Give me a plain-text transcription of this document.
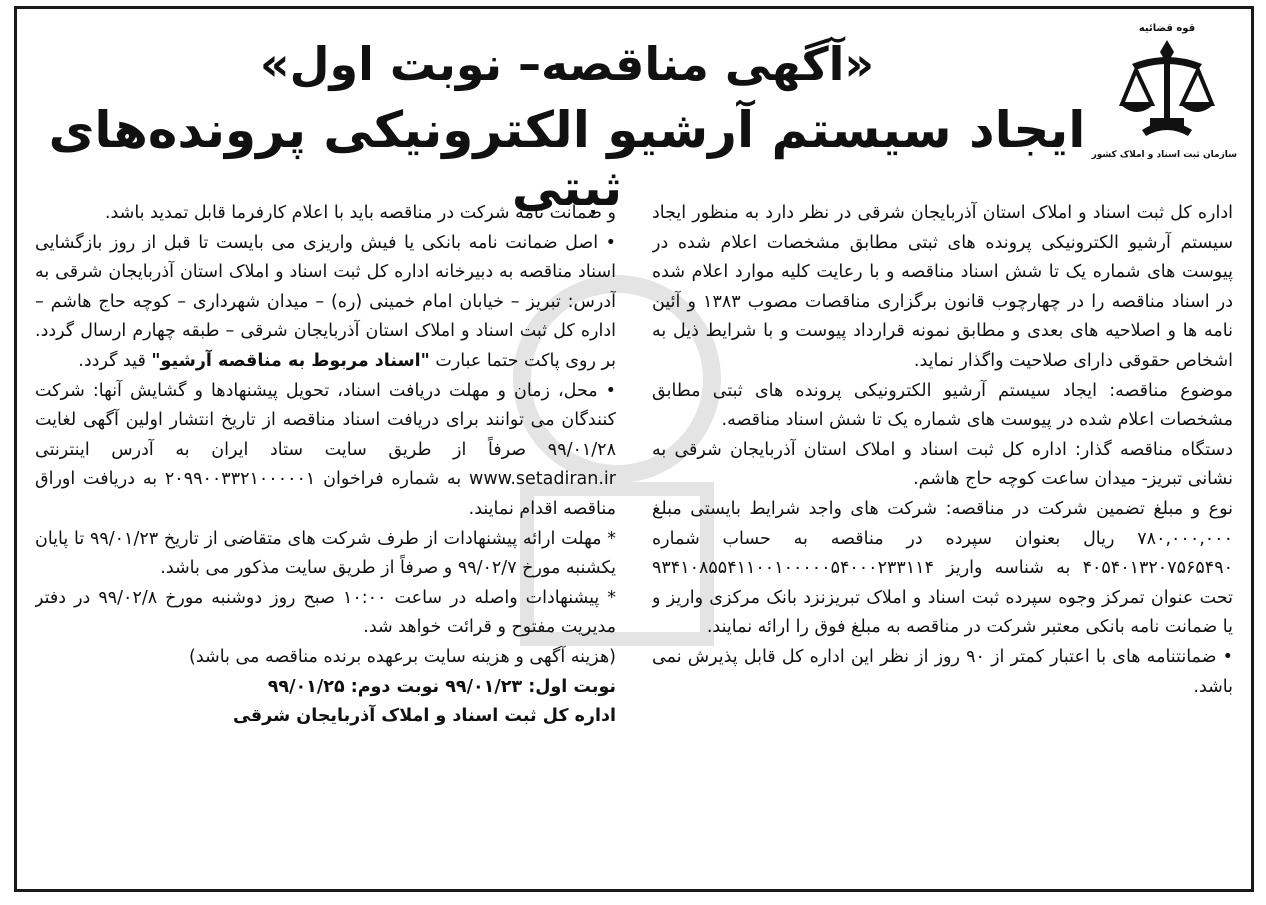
«آگهی مناقصه– نوبت اول»
ایجاد سیستم آرشیو الکترونیکی پرونده‌های ثبتی
قوه قضائیه
سازمان ثبت اسناد و املاک کشور

اداره کل ثبت اسناد و املاک استان آذربایجان شرقی در نظر دارد به منظور ایجاد سیستم آرشیو الکترونیکی پرونده های ثبتی مطابق مشخصات اعلام شده در پیوست های شماره یک تا شش اسناد مناقصه و با رعایت کلیه موارد اعلام شده در اسناد مناقصه را در چهارچوب قانون برگزاری مناقصات مصوب ۱۳۸۳ و آئین نامه ها و اصلاحیه های بعدی و مطابق نمونه قرارداد پیوست و با شرایط ذیل به اشخاص حقوقی دارای صلاحیت واگذار نماید.

موضوع مناقصه: ایجاد سیستم آرشیو الکترونیکی پرونده های ثبتی مطابق مشخصات اعلام شده در پیوست های شماره یک تا شش اسناد مناقصه.

دستگاه مناقصه گذار: اداره کل ثبت اسناد و املاک استان آذربایجان شرقی به نشانی تبریز- میدان ساعت کوچه حاج هاشم.

نوع و مبلغ تضمین شرکت در مناقصه: شرکت های واجد شرایط بایستی مبلغ ۷۸۰,۰۰۰,۰۰۰ ریال بعنوان سپرده در مناقصه به حساب شماره ۴۰۵۴۰۱۳۲۰۷۵۶۵۴۹۰ به شناسه واریز ۹۳۴۱۰۸۵۵۴۱۱۰۰۱۰۰۰۰۰۵۴۰۰۰۲۳۳۱۱۴ تحت عنوان تمرکز وجوه سپرده ثبت اسناد و املاک تبریزنزد بانک مرکزی واریز و یا ضمانت نامه بانکی معتبر شرکت در مناقصه به مبلغ فوق را ارائه نمایند.

• ضمانتنامه های با اعتبار کمتر از ۹۰ روز از نظر این اداره کل قابل پذیرش نمی باشد.

و ضمانت نامه شرکت در مناقصه باید با اعلام کارفرما قابل تمدید باشد.

• اصل ضمانت نامه بانکی یا فیش واریزی می بایست تا قبل از روز بازگشایی اسناد مناقصه به دبیرخانه اداره کل ثبت اسناد و املاک استان آذربایجان شرقی به آدرس: تبریز – خیابان امام خمینی (ره) – میدان شهرداری – کوچه حاج هاشم – اداره کل ثبت اسناد و املاک استان آذربایجان شرقی – طبقه چهارم ارسال گردد. بر روی پاکت حتما عبارت "اسناد مربوط به مناقصه آرشیو" قید گردد.

• محل، زمان و مهلت دریافت اسناد، تحویل پیشنهادها و گشایش آنها: شرکت کنندگان می توانند برای دریافت اسناد مناقصه از تاریخ انتشار اولین آگهی لغایت ۹۹/۰۱/۲۸ صرفاً از طریق سایت ستاد ایران به آدرس اینترنتی www.setadiran.ir به شماره فراخوان ۲۰۹۹۰۰۳۳۲۱۰۰۰۰۰۱ به دریافت اوراق مناقصه اقدام نمایند.

* مهلت ارائه پیشنهادات از طرف شرکت های متقاضی از تاریخ ۹۹/۰۱/۲۳ تا پایان یکشنبه مورخ ۹۹/۰۲/۷ و صرفاً از طریق سایت مذکور می باشد.

* پیشنهادات واصله در ساعت ۱۰:۰۰ صبح روز دوشنبه مورخ ۹۹/۰۲/۸ در دفتر مدیریت مفتوح و قرائت خواهد شد.

(هزینه آگهی و هزینه سایت برعهده برنده مناقصه می باشد)

نوبت اول: ۹۹/۰۱/۲۳ نوبت دوم: ۹۹/۰۱/۲۵

اداره کل ثبت اسناد و املاک آذربایجان شرقی
